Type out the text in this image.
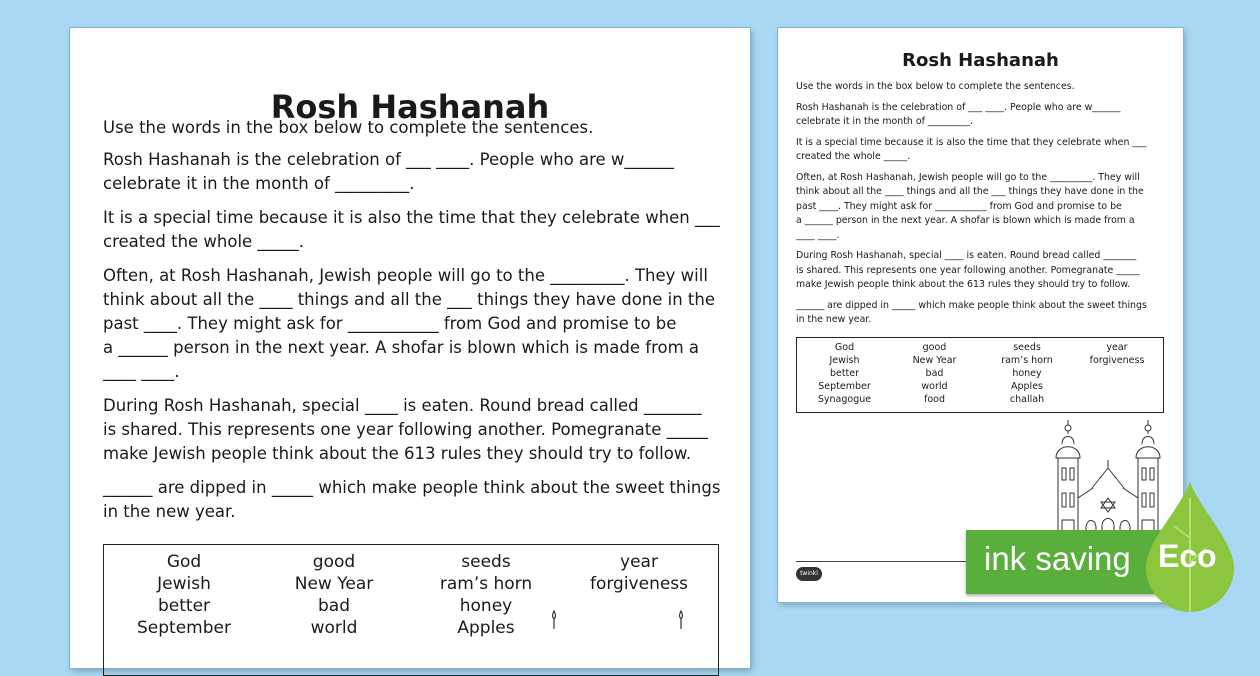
Rosh Hashanah

Use the words in the box below to complete the sentences.

Rosh Hashanah is the celebration of ___ ____. People who are w______
celebrate it in the month of _________.

It is a special time because it is also the time that they celebrate when ___
created the whole _____.

Often, at Rosh Hashanah, Jewish people will go to the _________. They will
think about all the ____ things and all the ___ things they have done in the
past ____. They might ask for ___________ from God and promise to be
a ______ person in the next year. A shofar is blown which is made from a
____ ____.

During Rosh Hashanah, special ____ is eaten. Round bread called _______
is shared. This represents one year following another. Pomegranate _____
make Jewish people think about the 613 rules they should try to follow.

______ are dipped in _____ which make people think about the sweet things
in the new year.

God
Jewish
better
September
good
New Year
bad
world
seeds
ram’s horn
honey
Apples
year
forgiveness
Rosh Hashanah

Use the words in the box below to complete the sentences.

Rosh Hashanah is the celebration of ___ ____. People who are w______
celebrate it in the month of _________.

It is a special time because it is also the time that they celebrate when ___
created the whole _____.

Often, at Rosh Hashanah, Jewish people will go to the _________. They will
think about all the ____ things and all the ___ things they have done in the
past ____. They might ask for ___________ from God and promise to be
a ______ person in the next year. A shofar is blown which is made from a
____ ____.

During Rosh Hashanah, special ____ is eaten. Round bread called _______
is shared. This represents one year following another. Pomegranate _____
make Jewish people think about the 613 rules they should try to follow.

______ are dipped in _____ which make people think about the sweet things
in the new year.

God
Jewish
better
September
Synagogue
good
New Year
bad
world
food
seeds
ram’s horn
honey
Apples
challah
year
forgiveness
twinkl	ink saving Eco
